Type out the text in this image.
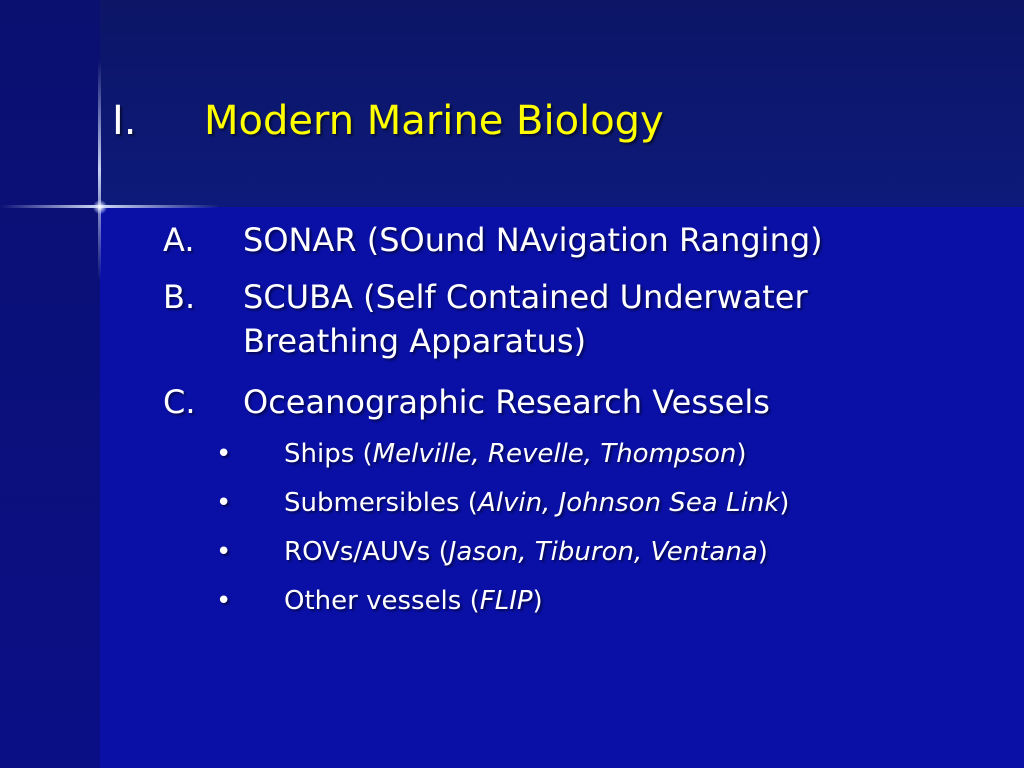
I.	Modern Marine Biology
A.	SONAR (SOund NAvigation Ranging)
B.	SCUBA (Self Contained Underwater
Breathing Apparatus)
C.	Oceanographic Research Vessels
•	Ships (Melville, Revelle, Thompson)
•	Submersibles (Alvin, Johnson Sea Link)
•	ROVs/AUVs (Jason, Tiburon, Ventana)
•	Other vessels (FLIP)
